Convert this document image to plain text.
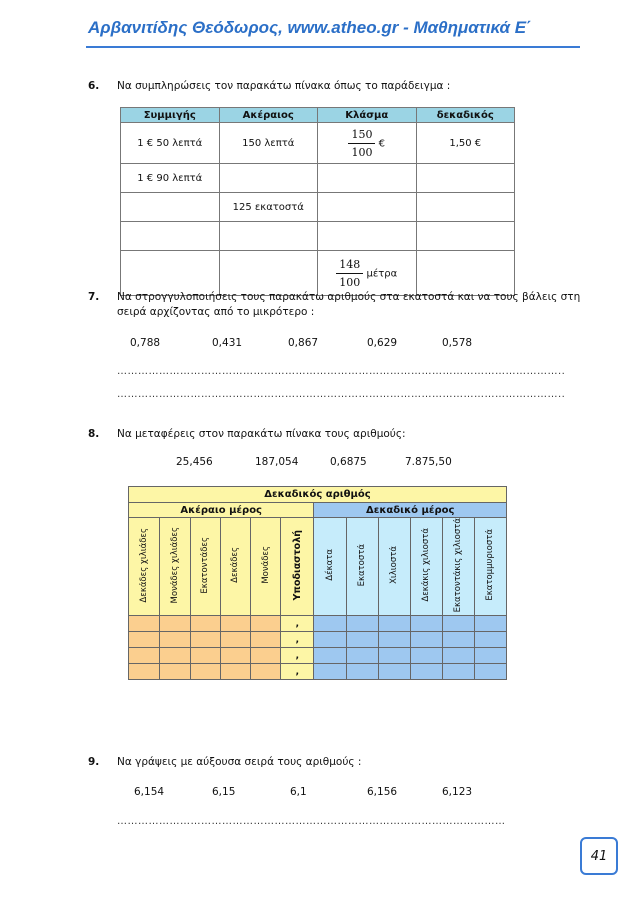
Αρβανιτίδης Θεόδωρος, www.atheo.gr - Μαθηματικά Ε΄
6. Να συμπληρώσεις τον παρακάτω πίνακα όπως το παράδειγμα :
Συμμιγής	Ακέραιος	Κλάσμα	δεκαδικός
1 € 50 λεπτά	150 λεπτά	$\frac{150}{100}$ €	1,50 €
1 € 90 λεπτά			
	125 εκατοστά		

		$\frac{148}{100}$ μέτρα	
7. Να στρογγυλοποιήσεις τους παρακάτω αριθμούς στα εκατοστά και να τους βάλεις στη
σειρά αρχίζοντας από το μικρότερο :
0,788	0,431	0,867	0,629	0,578
………………………………………………………………………………………………………………..
………………………………………………………………………………………………………………..
8. Να μεταφέρεις στον παρακάτω πίνακα τους αριθμούς:
25,456	187,054	0,6875	7.875,50
Δεκαδικός αριθμός											
Ακέραιο μέρος						Δεκαδικό μέρος					
Δεκάδες χιλιάδες	Μονάδες χιλιάδες	Εκατοντάδες	Δεκάδες	Μονάδες	Υποδιαστολή	Δέκατα	Εκατοστά	Χιλιοστά	Δεκάκις χιλιοστά	Εκατοντάκις χιλιοστά	Εκατομμυριοστά
					,						
					,						
					,						
					,						
9. Να γράψεις με αύξουσα σειρά τους αριθμούς :
6,154	6,15	6,1	6,156	6,123
…………………………………………………………………………………………………
41
